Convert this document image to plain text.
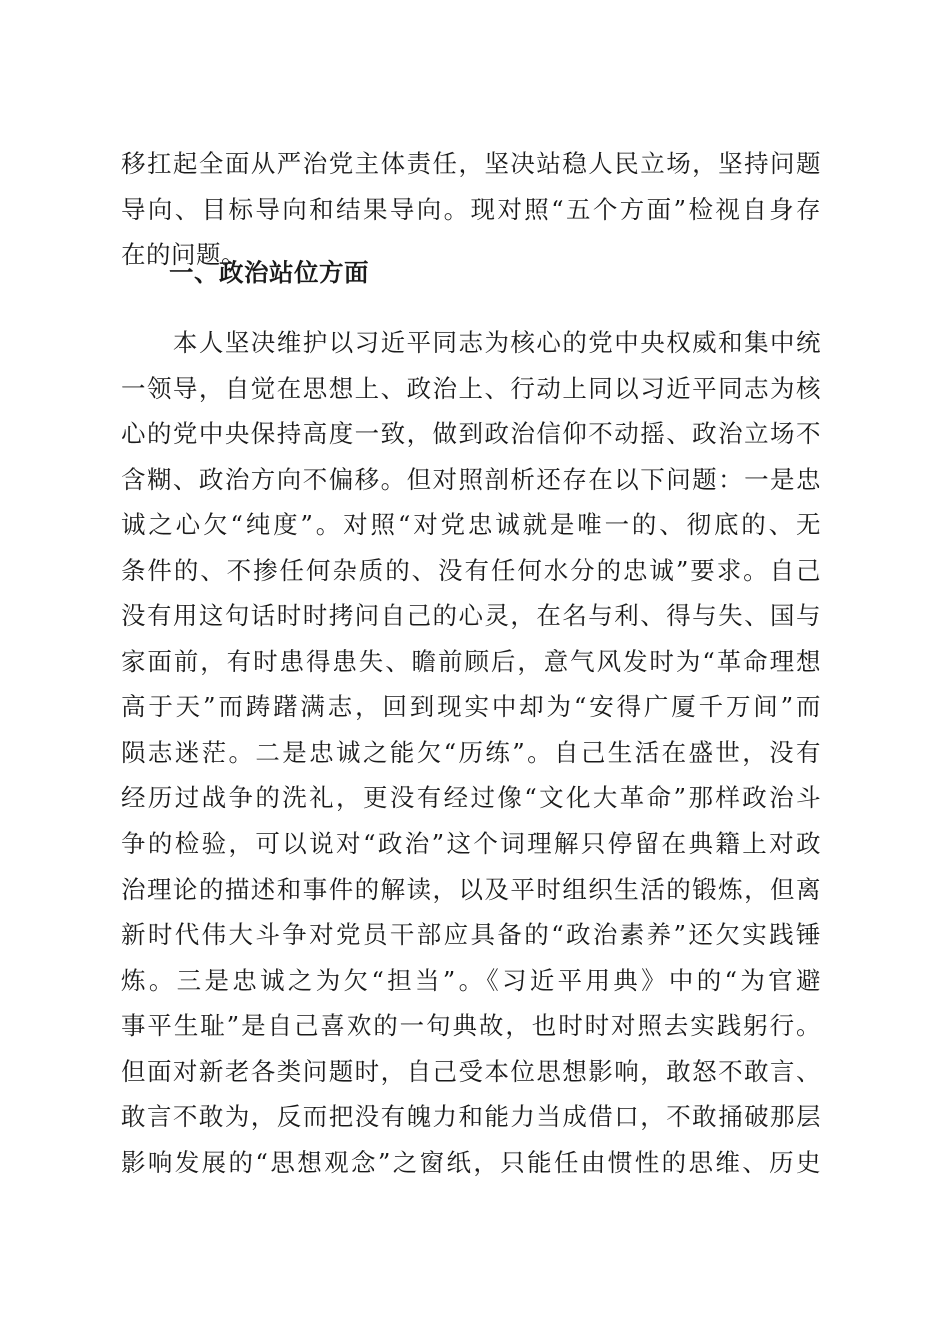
移扛起全面从严治党主体责任，坚决站稳人民立场，坚持问题
导向、目标导向和结果导向。现对照“五个方面”检视自身存
在的问题。
一、政治站位方面
　　本人坚决维护以习近平同志为核心的党中央权威和集中统
一领导，自觉在思想上、政治上、行动上同以习近平同志为核
心的党中央保持高度一致，做到政治信仰不动摇、政治立场不
含糊、政治方向不偏移。但对照剖析还存在以下问题：一是忠
诚之心欠“纯度”。对照“对党忠诚就是唯一的、彻底的、无
条件的、不掺任何杂质的、没有任何水分的忠诚”要求。自己
没有用这句话时时拷问自己的心灵，在名与利、得与失、国与
家面前，有时患得患失、瞻前顾后，意气风发时为“革命理想
高于天”而踌躇满志，回到现实中却为“安得广厦千万间”而
陨志迷茫。二是忠诚之能欠“历练”。自己生活在盛世，没有
经历过战争的洗礼，更没有经过像“文化大革命”那样政治斗
争的检验，可以说对“政治”这个词理解只停留在典籍上对政
治理论的描述和事件的解读，以及平时组织生活的锻炼，但离
新时代伟大斗争对党员干部应具备的“政治素养”还欠实践锤
炼。三是忠诚之为欠“担当”。《习近平用典》中的“为官避
事平生耻”是自己喜欢的一句典故，也时时对照去实践躬行。
但面对新老各类问题时，自己受本位思想影响，敢怒不敢言、
敢言不敢为，反而把没有魄力和能力当成借口，不敢捅破那层
影响发展的“思想观念”之窗纸，只能任由惯性的思维、历史
